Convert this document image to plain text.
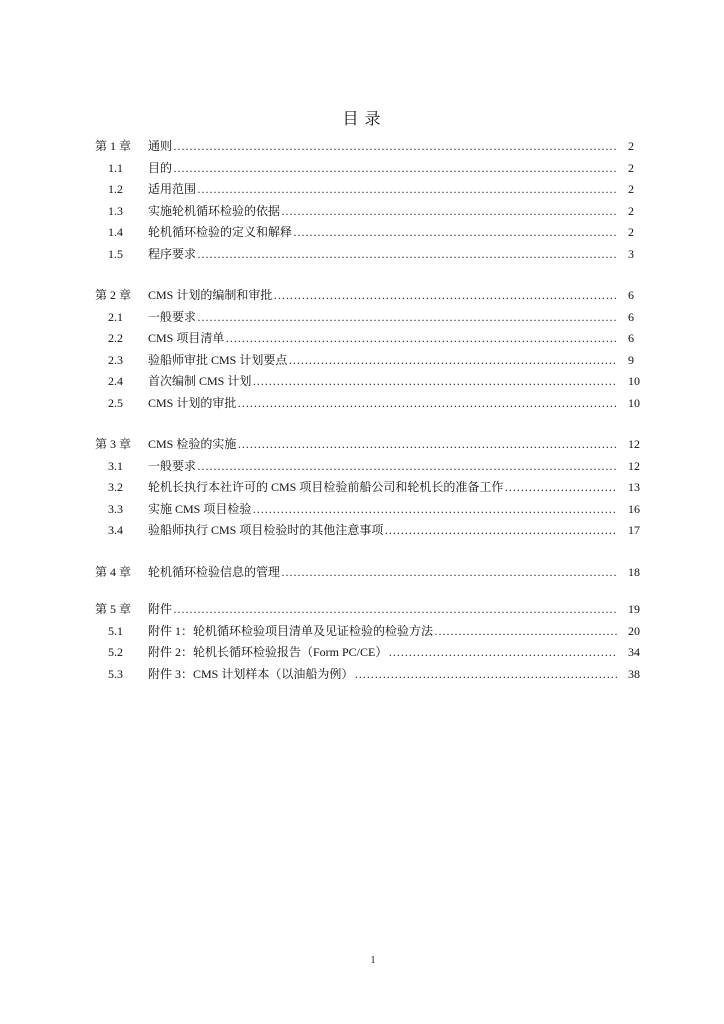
目 录
第 1 章	通则 ……………………………………………………………………………………………………………………………………	2
1.1	目的 ……………………………………………………………………………………………………………………………………	2
1.2	适用范围 ……………………………………………………………………………………………………………………………………	2
1.3	实施轮机循环检验的依据 ……………………………………………………………………………………………………………………………………	2
1.4	轮机循环检验的定义和解释 ……………………………………………………………………………………………………………………………………	2
1.5	程序要求 ……………………………………………………………………………………………………………………………………	3
第 2 章	CMS 计划的编制和审批 ……………………………………………………………………………………………………………………………………	6
2.1	一般要求 ……………………………………………………………………………………………………………………………………	6
2.2	CMS 项目清单 ……………………………………………………………………………………………………………………………………	6
2.3	验船师审批 CMS 计划要点 ……………………………………………………………………………………………………………………………………	9
2.4	首次编制 CMS 计划 ……………………………………………………………………………………………………………………………………	10
2.5	CMS 计划的审批 ……………………………………………………………………………………………………………………………………	10
第 3 章	CMS 检验的实施 ……………………………………………………………………………………………………………………………………	12
3.1	一般要求 ……………………………………………………………………………………………………………………………………	12
3.2	轮机长执行本社许可的 CMS 项目检验前船公司和轮机长的准备工作 ……………………………………………………………………………………………………………………………………	13
3.3	实施 CMS 项目检验 ……………………………………………………………………………………………………………………………………	16
3.4	验船师执行 CMS 项目检验时的其他注意事项 ……………………………………………………………………………………………………………………………………	17
第 4 章	轮机循环检验信息的管理 ……………………………………………………………………………………………………………………………………	18
第 5 章	附件 ……………………………………………………………………………………………………………………………………	19
5.1	附件 1：轮机循环检验项目清单及见证检验的检验方法 ……………………………………………………………………………………………………………………………………	20
5.2	附件 2：轮机长循环检验报告（Form PC/CE） ……………………………………………………………………………………………………………………………………	34
5.3	附件 3：CMS 计划样本（以油船为例） ……………………………………………………………………………………………………………………………………	38
1
